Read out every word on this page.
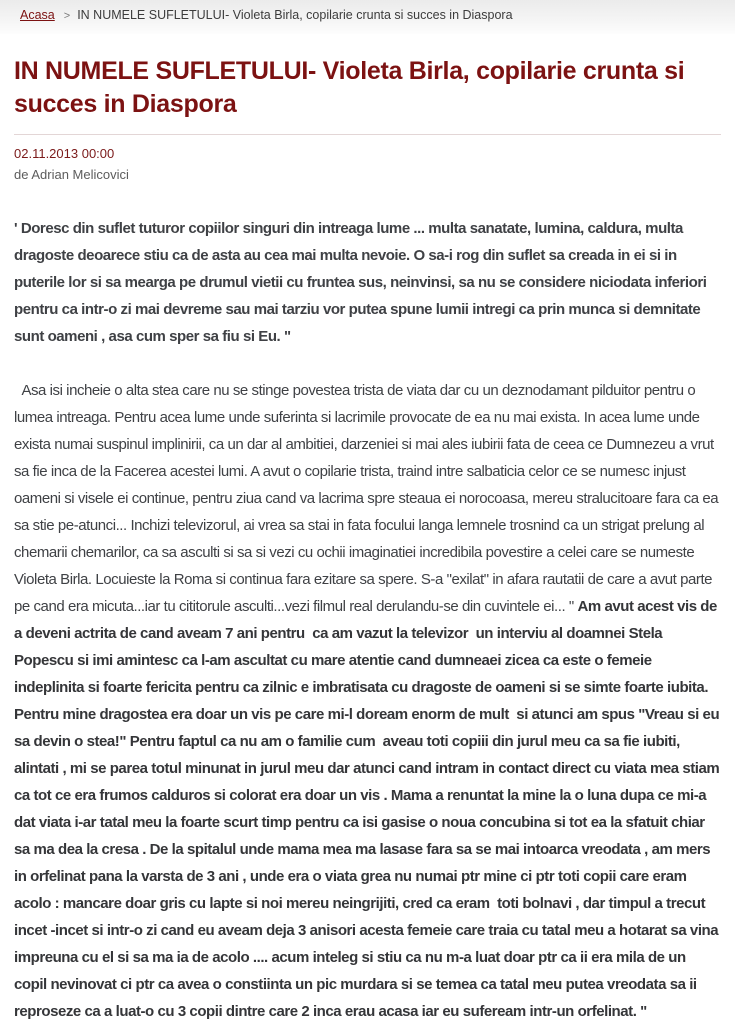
Acasa > IN NUMELE SUFLETULUI- Violeta Birla, copilarie crunta si succes in Diaspora
IN NUMELE SUFLETULUI- Violeta Birla, copilarie crunta si succes in Diaspora
02.11.2013 00:00
de Adrian Melicovici

' Doresc din suflet tuturor copiilor singuri din intreaga lume ... multa sanatate, lumina, caldura, multa dragoste deoarece stiu ca de asta au cea mai multa nevoie. O sa-i rog din suflet sa creada in ei si in puterile lor si sa mearga pe drumul vietii cu fruntea sus, neinvinsi, sa nu se considere niciodata inferiori pentru ca intr-o zi mai devreme sau mai tarziu vor putea spune lumii intregi ca prin munca si demnitate sunt oameni , asa cum sper sa fiu si Eu. "

Asa isi incheie o alta stea care nu se stinge povestea trista de viata dar cu un deznodamant pilduitor pentru o lumea intreaga. Pentru acea lume unde suferinta si lacrimile provocate de ea nu mai exista. In acea lume unde exista numai suspinul implinirii, ca un dar al ambitiei, darzeniei si mai ales iubirii fata de ceea ce Dumnezeu a vrut sa fie inca de la Facerea acestei lumi. A avut o copilarie trista, traind intre salbaticia celor ce se numesc injust oameni si visele ei continue, pentru ziua cand va lacrima spre steaua ei norocoasa, mereu stralucitoare fara ca ea sa stie pe-atunci... Inchizi televizorul, ai vrea sa stai in fata focului langa lemnele trosnind ca un strigat prelung al chemarii chemarilor, ca sa asculti si sa si vezi cu ochii imaginatiei incredibila povestire a celei care se numeste Violeta Birla. Locuieste la Roma si continua fara ezitare sa spere. S-a "exilat" in afara rautatii de care a avut parte pe cand era micuta...iar tu cititorule asculti...vezi filmul real derulandu-se din cuvintele ei... " Am avut acest vis de a deveni actrita de cand aveam 7 ani pentru  ca am vazut la televizor  un interviu al doamnei Stela Popescu si imi amintesc ca l-am ascultat cu mare atentie cand dumneaei zicea ca este o femeie indeplinita si foarte fericita pentru ca zilnic e imbratisata cu dragoste de oameni si se simte foarte iubita.  Pentru mine dragostea era doar un vis pe care mi-l doream enorm de mult  si atunci am spus "Vreau si eu sa devin o stea!" Pentru faptul ca nu am o familie cum  aveau toti copiii din jurul meu ca sa fie iubiti, alintati , mi se parea totul minunat in jurul meu dar atunci cand intram in contact direct cu viata mea stiam ca tot ce era frumos calduros si colorat era doar un vis . Mama a renuntat la mine la o luna dupa ce mi-a dat viata i-ar tatal meu la foarte scurt timp pentru ca isi gasise o noua concubina si tot ea la sfatuit chiar sa ma dea la cresa . De la spitalul unde mama mea ma lasase fara sa se mai intoarca vreodata , am mers in orfelinat pana la varsta de 3 ani , unde era o viata grea nu numai ptr mine ci ptr toti copii care eram acolo : mancare doar gris cu lapte si noi mereu neingrijiti, cred ca eram  toti bolnavi , dar timpul a trecut incet -incet si intr-o zi cand eu aveam deja 3 anisori acesta femeie care traia cu tatal meu a hotarat sa vina impreuna cu el si sa ma ia de acolo .... acum inteleg si stiu ca nu m-a luat doar ptr ca ii era mila de un copil nevinovat ci ptr ca avea o constiinta un pic murdara si se temea ca tatal meu putea vreodata sa ii reproseze ca a luat-o cu 3 copii dintre care 2 inca erau acasa iar eu sufeream intr-un orfelinat. "
